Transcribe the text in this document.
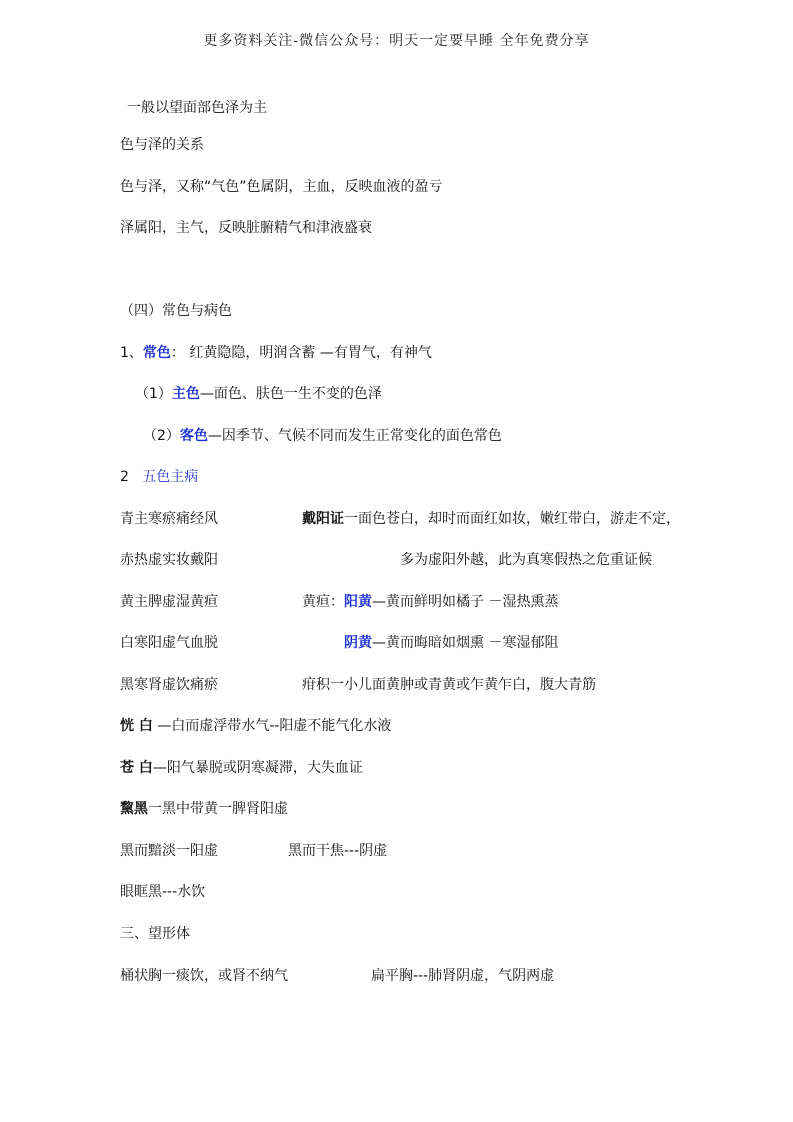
更多资料关注-微信公众号：明天一定要早睡 全年免费分享
一般以望面部色泽为主
色与泽的关系
色与泽，又称“气色”色属阴，主血，反映血液的盈亏
泽属阳，主气，反映脏腑精气和津液盛衰
（四）常色与病色
1、常色： 红黄隐隐，明润含蓄 —有胃气，有神气
（1）主色—面色、肤色一生不变的色泽
（2）客色—因季节、气候不同而发生正常变化的面色常色
2 五色主病
青主寒瘀痛经风	戴阳证一面色苍白，却时而面红如妆，嫩红带白，游走不定，
赤热虚实妆戴阳	多为虚阳外越，此为真寒假热之危重证候
黄主脾虚湿黄疸	黄疸：阳黄—黄而鲜明如橘子 －湿热熏蒸
白寒阳虚气血脱	阴黄—黄而晦暗如烟熏 －寒湿郁阻
黑寒肾虚饮痛瘀	疳积一小儿面黄肿或青黄或乍黄乍白，腹大青筋
恍 白 —白而虚浮带水气--阳虚不能气化水液
苍 白—阳气暴脱或阴寒凝滞，大失血证
黧黑一黑中带黄一脾肾阳虚
黑而黯淡一阳虚	黑而干焦---阴虚
眼眶黑---水饮
三、望形体
桶状胸一痰饮，或肾不纳气	扁平胸---肺肾阴虚，气阴两虚
